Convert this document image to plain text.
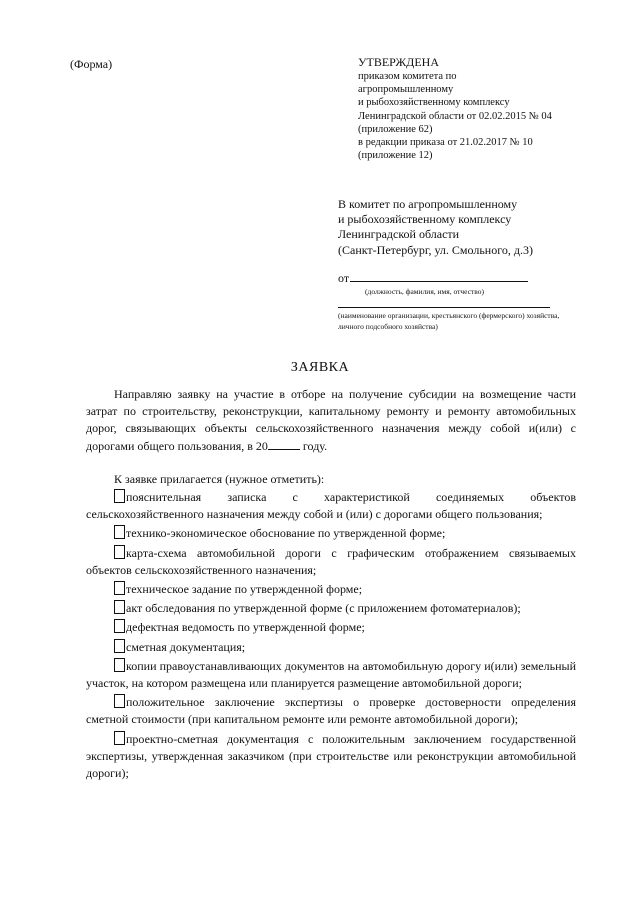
(Форма)	УТВЕРЖДЕНА
приказом комитета по
агропромышленному
и рыбохозяйственному комплексу
Ленинградской области от 02.02.2015 № 04
(приложение 62)
в редакции приказа от 21.02.2017 № 10
(приложение 12)
В комитет по агропромышленному
и рыбохозяйственному комплексу
Ленинградской области
(Санкт-Петербург, ул. Смольного, д.3)
от
(должность, фамилия, имя, отчество)
(наименование организации, крестьянского (фермерского) хозяйства, личного подсобного хозяйства)
ЗАЯВКА

Направляю заявку на участие в отборе на получение субсидии на возмещение части затрат по строительству, реконструкции, капитальному ремонту и ремонту автомобильных дорог, связывающих объекты сельскохозяйственного назначения между собой и(или) с дорогами общего пользования, в 20	году.

К заявке прилагается (нужное отметить):

пояснительная записка с характеристикой соединяемых объектов сельскохозяйственного назначения между собой и (или) с дорогами общего пользования;

технико-экономическое обоснование по утвержденной форме;

карта-схема автомобильной дороги с графическим отображением связываемых объектов сельскохозяйственного назначения;

техническое задание по утвержденной форме;

акт обследования по утвержденной форме (с приложением фотоматериалов);

дефектная ведомость по утвержденной форме;

сметная документация;

копии правоустанавливающих документов на автомобильную дорогу и(или) земельный участок, на котором размещена или планируется размещение автомобильной дороги;

положительное заключение экспертизы о проверке достоверности определения сметной стоимости (при капитальном ремонте или ремонте автомобильной дороги);

проектно-сметная документация с положительным заключением государственной экспертизы, утвержденная заказчиком (при строительстве или реконструкции автомобильной дороги);
